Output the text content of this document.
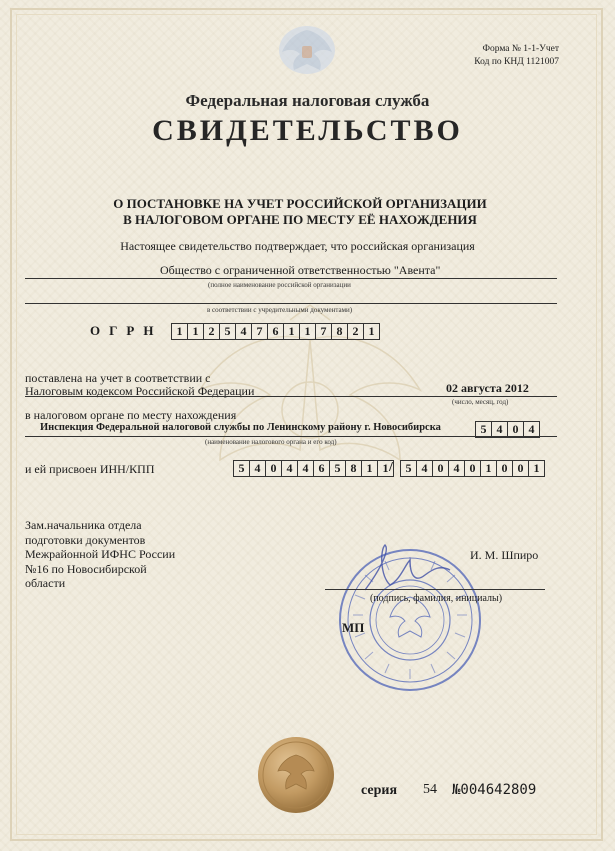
Форма № 1-1-Учет
Код по КНД 1121007
Федеральная налоговая служба
СВИДЕТЕЛЬСТВО
О ПОСТАНОВКЕ НА УЧЕТ РОССИЙСКОЙ ОРГАНИЗАЦИИ
В НАЛОГОВОМ ОРГАНЕ ПО МЕСТУ ЕЁ НАХОЖДЕНИЯ
Настоящее свидетельство подтверждает, что российская организация
Общество с ограниченной ответственностью "Авента"
(полное наименование российской организации
в соответствии с учредительными документами)
ОГРН	1 1 2 5 4 7 6 1 1 7 8 2 1
поставлена на учет в соответствии с
Налоговым кодексом Российской Федерации	02 августа 2012
(число, месяц, год)
в налоговом органе по месту нахождения
Инспекция Федеральной налоговой службы по Ленинскому району г. Новосибирска	5 4 0 4
(наименование налогового органа и его код)
и ей присвоен ИНН/КПП	5 4 0 4 4 6 5 8 1 1 /	5 4 0 4 0 1 0 0 1
Зам.начальника отдела
подготовки документов
Межрайонной ИФНС России
№16 по Новосибирской
области
И. М. Шпиро
(подпись, фамилия, инициалы)
МП
серия 54 №004642809
